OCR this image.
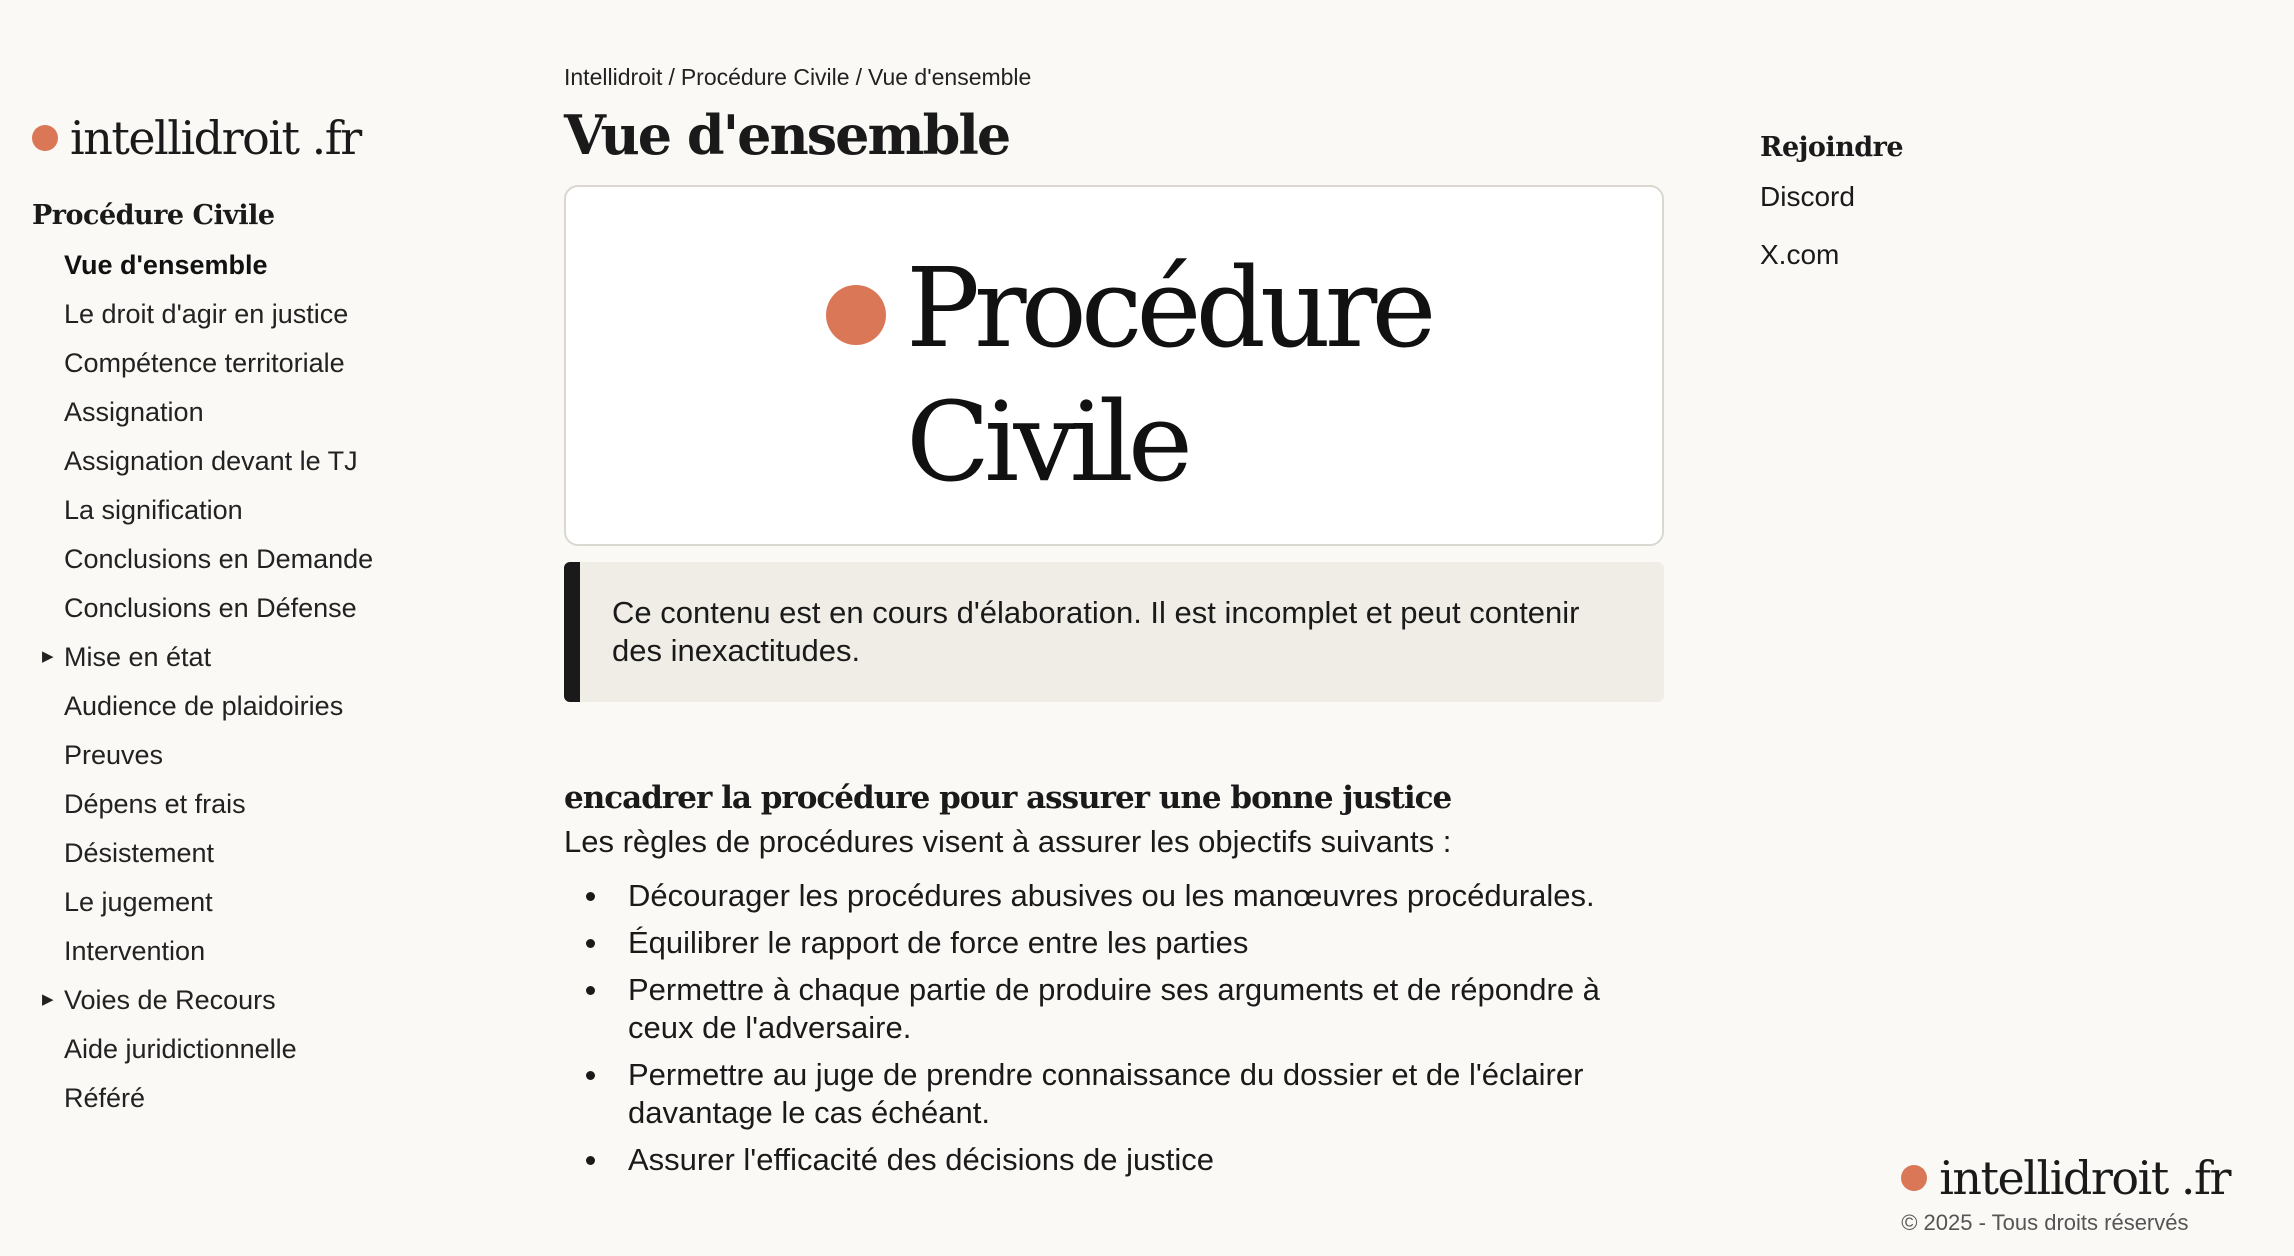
intellidroit .fr
Procédure Civile
Vue d'ensemble
Le droit d'agir en justice
Compétence territoriale
Assignation
Assignation devant le TJ
La signification
Conclusions en Demande
Conclusions en Défense
▶ Mise en état
Audience de plaidoiries
Preuves
Dépens et frais
Désistement
Le jugement
Intervention
▶ Voies de Recours
Aide juridictionnelle
Référé
Intellidroit / Procédure Civile / Vue d'ensemble
Vue d'ensemble
Procédure Civile
Ce contenu est en cours d'élaboration. Il est incomplet et peut contenir des inexactitudes.
encadrer la procédure pour assurer une bonne justice

Les règles de procédures visent à assurer les objectifs suivants :

Décourager les procédures abusives ou les manœuvres procédurales.
Équilibrer le rapport de force entre les parties
Permettre à chaque partie de produire ses arguments et de répondre à ceux de l'adversaire.
Permettre au juge de prendre connaissance du dossier et de l'éclairer davantage le cas échéant.
Assurer l'efficacité des décisions de justice
Rejoindre
Discord
X.com
intellidroit .fr
© 2025 - Tous droits réservés
